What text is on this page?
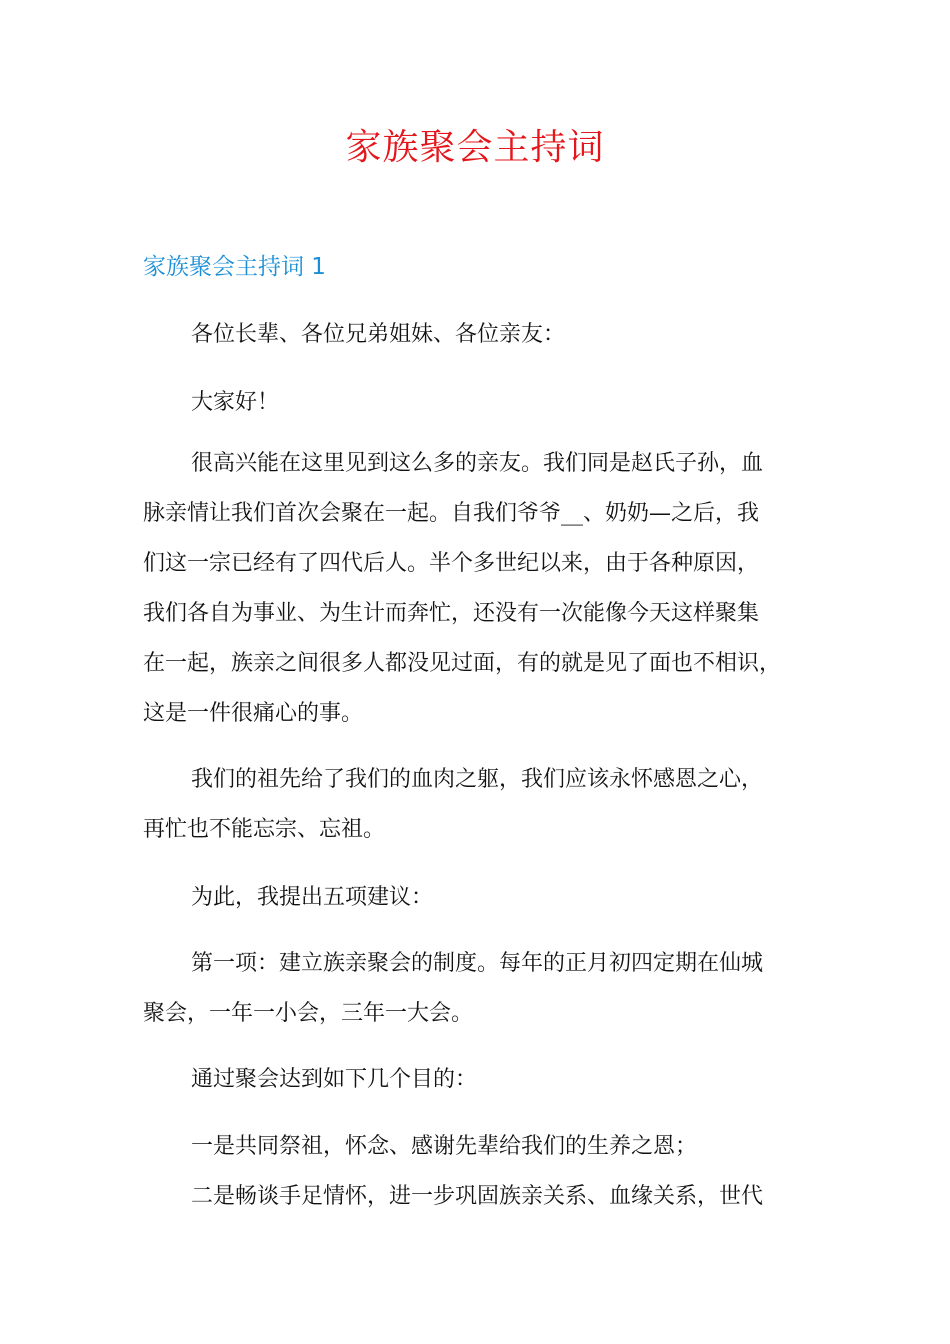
家族聚会主持词
家族聚会主持词 1

各位长辈、各位兄弟姐妹、各位亲友：

大家好！

很高兴能在这里见到这么多的亲友。我们同是赵氏子孙，血
脉亲情让我们首次会聚在一起。自我们爷爷__、奶奶—之后，我
们这一宗已经有了四代后人。半个多世纪以来，由于各种原因，
我们各自为事业、为生计而奔忙，还没有一次能像今天这样聚集
在一起，族亲之间很多人都没见过面，有的就是见了面也不相识，
这是一件很痛心的事。

我们的祖先给了我们的血肉之躯，我们应该永怀感恩之心，
再忙也不能忘宗、忘祖。

为此，我提出五项建议：

第一项：建立族亲聚会的制度。每年的正月初四定期在仙城
聚会，一年一小会，三年一大会。

通过聚会达到如下几个目的：

一是共同祭祖，怀念、感谢先辈给我们的生养之恩；

二是畅谈手足情怀，进一步巩固族亲关系、血缘关系，世代
